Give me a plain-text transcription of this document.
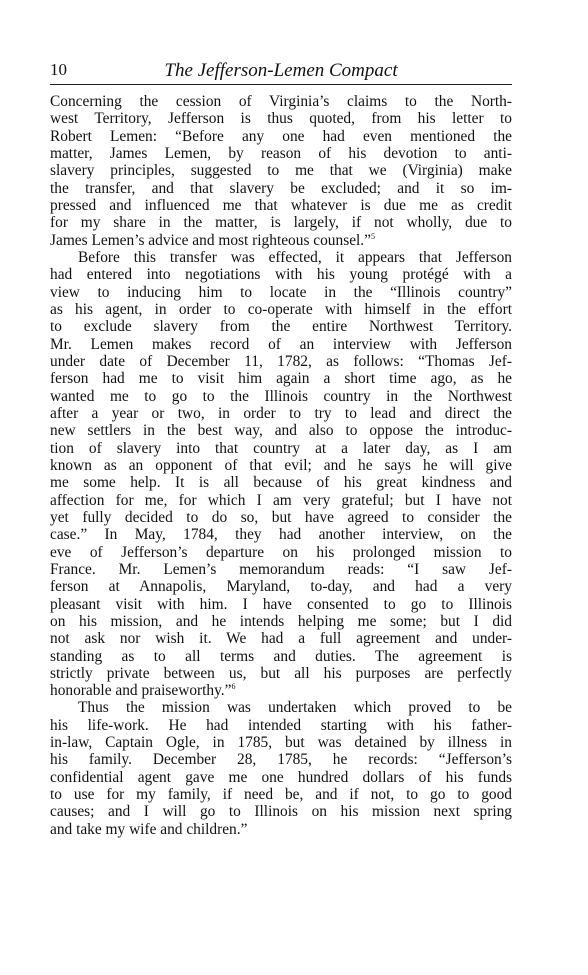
10	The Jefferson-Lemen Compact
Concerning the cession of Virginia’s claims to the North-
west Territory, Jefferson is thus quoted, from his letter to
Robert Lemen: “Before any one had even mentioned the
matter, James Lemen, by reason of his devotion to anti-
slavery principles, suggested to me that we (Virginia) make
the transfer, and that slavery be excluded; and it so im-
pressed and influenced me that whatever is due me as credit
for my share in the matter, is largely, if not wholly, due to
James Lemen’s advice and most righteous counsel.”$^5$
Before this transfer was effected, it appears that Jefferson
had entered into negotiations with his young protégé with a
view to inducing him to locate in the “Illinois country”
as his agent, in order to co-operate with himself in the effort
to exclude slavery from the entire Northwest Territory.
Mr. Lemen makes record of an interview with Jefferson
under date of December 11, 1782, as follows: “Thomas Jef-
ferson had me to visit him again a short time ago, as he
wanted me to go to the Illinois country in the Northwest
after a year or two, in order to try to lead and direct the
new settlers in the best way, and also to oppose the introduc-
tion of slavery into that country at a later day, as I am
known as an opponent of that evil; and he says he will give
me some help. It is all because of his great kindness and
affection for me, for which I am very grateful; but I have not
yet fully decided to do so, but have agreed to consider the
case.” In May, 1784, they had another interview, on the
eve of Jefferson’s departure on his prolonged mission to
France. Mr. Lemen’s memorandum reads: “I saw Jef-
ferson at Annapolis, Maryland, to-day, and had a very
pleasant visit with him. I have consented to go to Illinois
on his mission, and he intends helping me some; but I did
not ask nor wish it. We had a full agreement and under-
standing as to all terms and duties. The agreement is
strictly private between us, but all his purposes are perfectly
honorable and praiseworthy.”$^6$
Thus the mission was undertaken which proved to be
his life-work. He had intended starting with his father-
in-law, Captain Ogle, in 1785, but was detained by illness in
his family. December 28, 1785, he records: “Jefferson’s
confidential agent gave me one hundred dollars of his funds
to use for my family, if need be, and if not, to go to good
causes; and I will go to Illinois on his mission next spring
and take my wife and children.”
